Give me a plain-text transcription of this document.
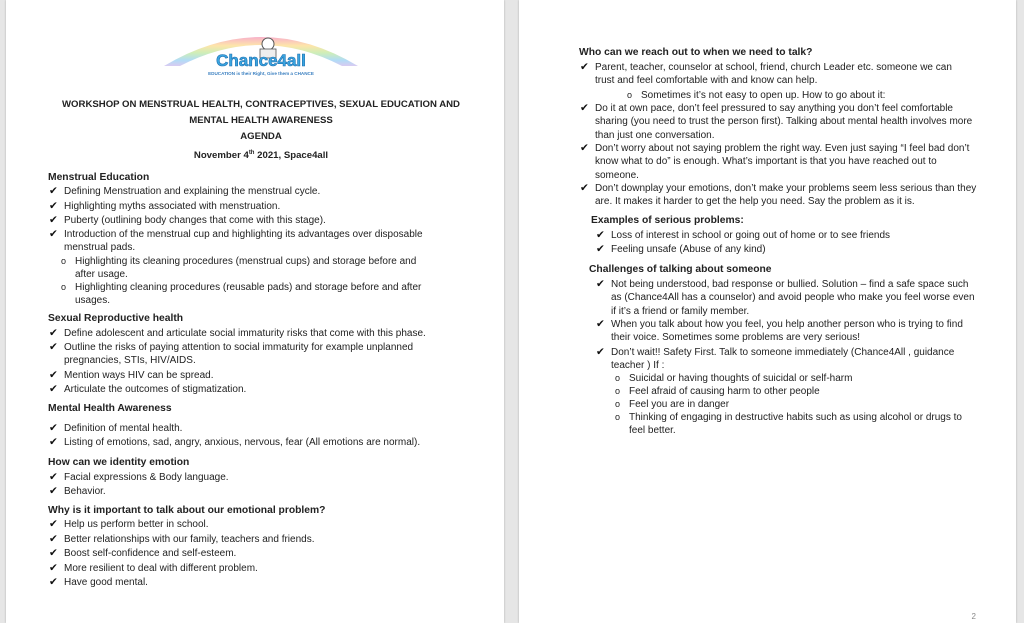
Chance4all
EDUCATION is their Right, Give them a CHANCE
WORKSHOP ON MENSTRUAL HEALTH, CONTRACEPTIVES, SEXUAL EDUCATION AND
MENTAL HEALTH AWARENESS
AGENDA
November 4th 2021, Space4all
Menstrual Education
✔ Defining Menstruation and explaining the menstrual cycle.
✔ Highlighting myths associated with menstruation.
✔ Puberty (outlining body changes that come with this stage).
✔ Introduction of the menstrual cup and highlighting its advantages over disposable
menstrual pads.
o Highlighting its cleaning procedures (menstrual cups) and storage before and
after usage.
o Highlighting cleaning procedures (reusable pads) and storage before and after
usages.
Sexual Reproductive health
✔ Define adolescent and articulate social immaturity risks that come with this phase.
✔ Outline the risks of paying attention to social immaturity for example unplanned
pregnancies, STIs, HIV/AIDS.
✔ Mention ways HIV can be spread.
✔ Articulate the outcomes of stigmatization.
Mental Health Awareness
✔ Definition of mental health.
✔ Listing of emotions, sad, angry, anxious, nervous, fear (All emotions are normal).
How can we identity emotion
✔ Facial expressions & Body language.
✔ Behavior.
Why is it important to talk about our emotional problem?
✔ Help us perform better in school.
✔ Better relationships with our family, teachers and friends.
✔ Boost self-confidence and self-esteem.
✔ More resilient to deal with different problem.
✔ Have good mental.
Who can we reach out to when we need to talk?
✔ Parent, teacher, counselor at school, friend, church Leader etc. someone we can
trust and feel comfortable with and know can help.
o Sometimes it’s not easy to open up. How to go about it:
✔ Do it at own pace, don’t feel pressured to say anything you don’t feel comfortable
sharing (you need to trust the person first). Talking about mental health involves more
than just one conversation.
✔ Don’t worry about not saying problem the right way. Even just saying “I feel bad don’t
know what to do” is enough. What’s important is that you have reached out to
someone.
✔ Don’t downplay your emotions, don’t make your problems seem less serious than they
are. It makes it harder to get the help you need. Say the problem as it is.
Examples of serious problems:
✔ Loss of interest in school or going out of home or to see friends
✔ Feeling unsafe (Abuse of any kind)
Challenges of talking about someone
✔ Not being understood, bad response or bullied. Solution – find a safe space such
as (Chance4All has a counselor) and avoid people who make you feel worse even
if it’s a friend or family member.
✔ When you talk about how you feel, you help another person who is trying to find
their voice. Sometimes some problems are very serious!
✔ Don’t wait!! Safety First. Talk to someone immediately (Chance4All , guidance
teacher ) If :
o Suicidal or having thoughts of suicidal or self-harm
o Feel afraid of causing harm to other people
o Feel you are in danger
o Thinking of engaging in destructive habits such as using alcohol or drugs to
feel better.
2
